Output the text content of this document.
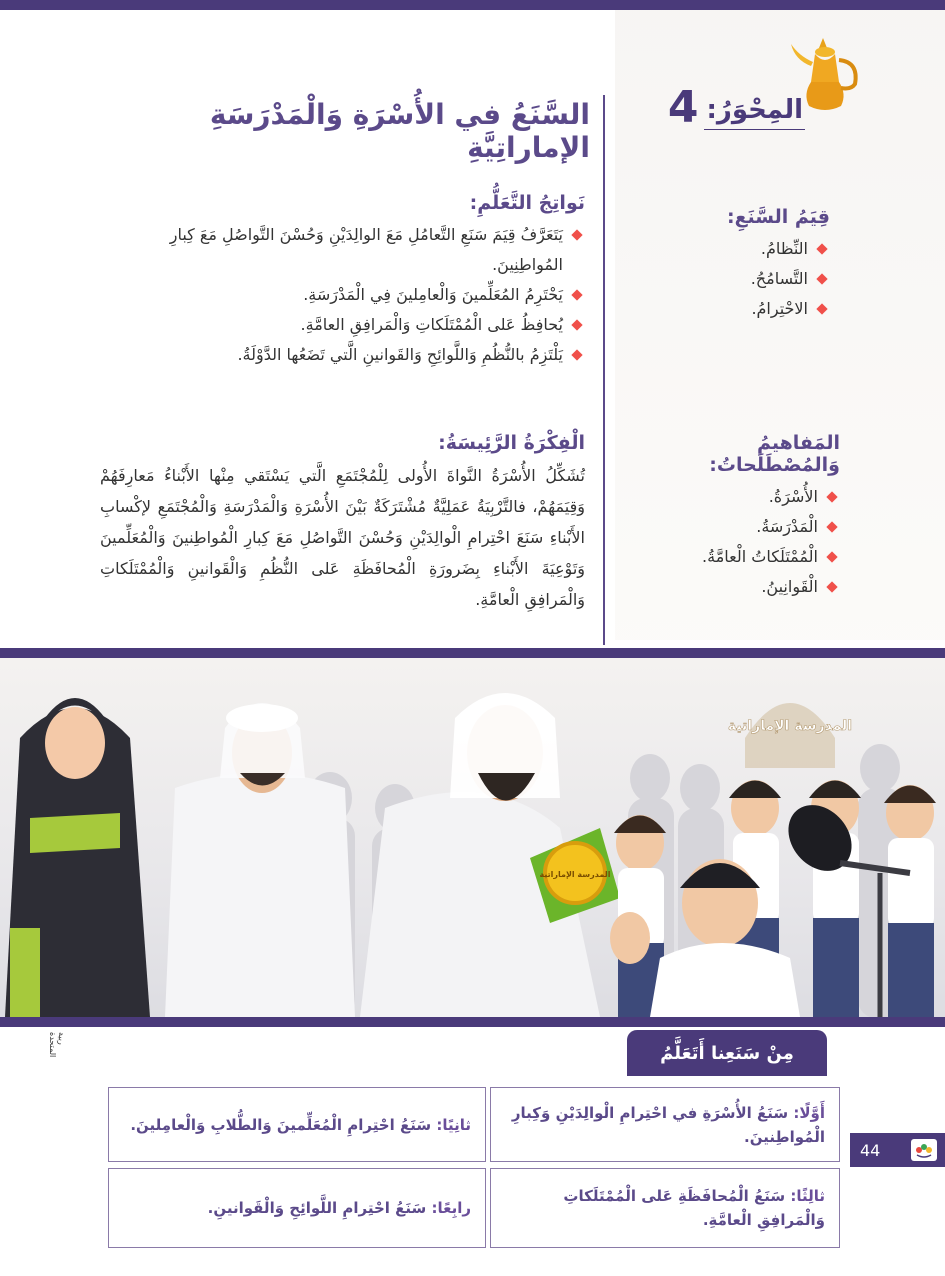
المِحْوَرُ:
4
السَّنَعُ في الأُسْرَةِ وَالْمَدْرَسَةِ الإماراتِيَّةِ
نَواتِجُ التَّعَلُّمِ:
يَتَعَرَّفُ قِيَمَ سَنَعِ التَّعامُلِ مَعَ الوالِدَيْنِ وَحُسْنَ التَّواصُلِ مَعَ كِبارِ المُواطِنِينَ.
يَحْتَرِمُ المُعَلِّمينَ وَالْعامِلينَ فِي الْمَدْرَسَةِ.
يُحافِظُ عَلى الْمُمْتَلَكاتِ وَالْمَرافِقِ العامَّةِ.
يَلْتَزِمُ بالنُّظُمِ وَاللَّوائِحِ وَالقَوانينِ الَّتي تَضَعُها الدَّوْلَةُ.
قِيَمُ السَّنَعِ:
النِّظامُ.
التَّسامُحُ.
الاحْتِرامُ.
الْفِكْرَةُ الرَّئِيسَةُ:

تُشَكِّلُ الأُسْرَةُ النَّواةَ الأُولى لِلْمُجْتَمَعِ الَّتي يَسْتَقي مِنْها الأَبْناءُ مَعارِفَهُمْ وَقِيَمَهُمْ، فالتَّرْبِيَةُ عَمَلِيَّةٌ مُشْتَرَكَةٌ بَيْنَ الأُسْرَةِ وَالْمَدْرَسَةِ وَالْمُجْتَمَعِ لإكْسابِ الأَبْناءِ سَنَعَ احْتِرامِ الْوالِدَيْنِ وَحُسْنَ التَّواصُلِ مَعَ كِبارِ الْمُواطِنينَ وَالْمُعَلِّمينَ وَتَوْعِيَةَ الأَبْناءِ بِضَرورَةِ الْمُحافَظَةِ عَلى النُّظُمِ وَالْقَوانينِ وَالْمُمْتَلَكاتِ وَالْمَرافِقِ الْعامَّةِ.

المَفاهيمُ وَالمُصْطَلَحاتُ:
الأُسْرَةُ.
الْمَدْرَسَةُ.
الْمُمْتَلَكاتُ الْعامَّةُ.
الْقَوانِينُ.
المدرسة الإماراتية
المدرسة الإماراتية
ربية المتحدة	مِنْ سَنَعِنا أَتَعَلَّمُ
أَوَّلًا: سَنَعُ الأُسْرَةِ في احْتِرامِ الْوالِدَيْنِ وَكِبارِ الْمُواطِنينَ.
ثانِيًا: سَنَعُ احْتِرامِ الْمُعَلِّمينَ وَالطُّلابِ وَالْعامِلينَ.
ثالِثًا: سَنَعُ الْمُحافَظَةِ عَلى الْمُمْتَلَكاتِ وَالْمَرافِقِ الْعامَّةِ.
رابِعًا: سَنَعُ احْتِرامِ اللَّوائِحِ وَالْقَوانينِ.
44
